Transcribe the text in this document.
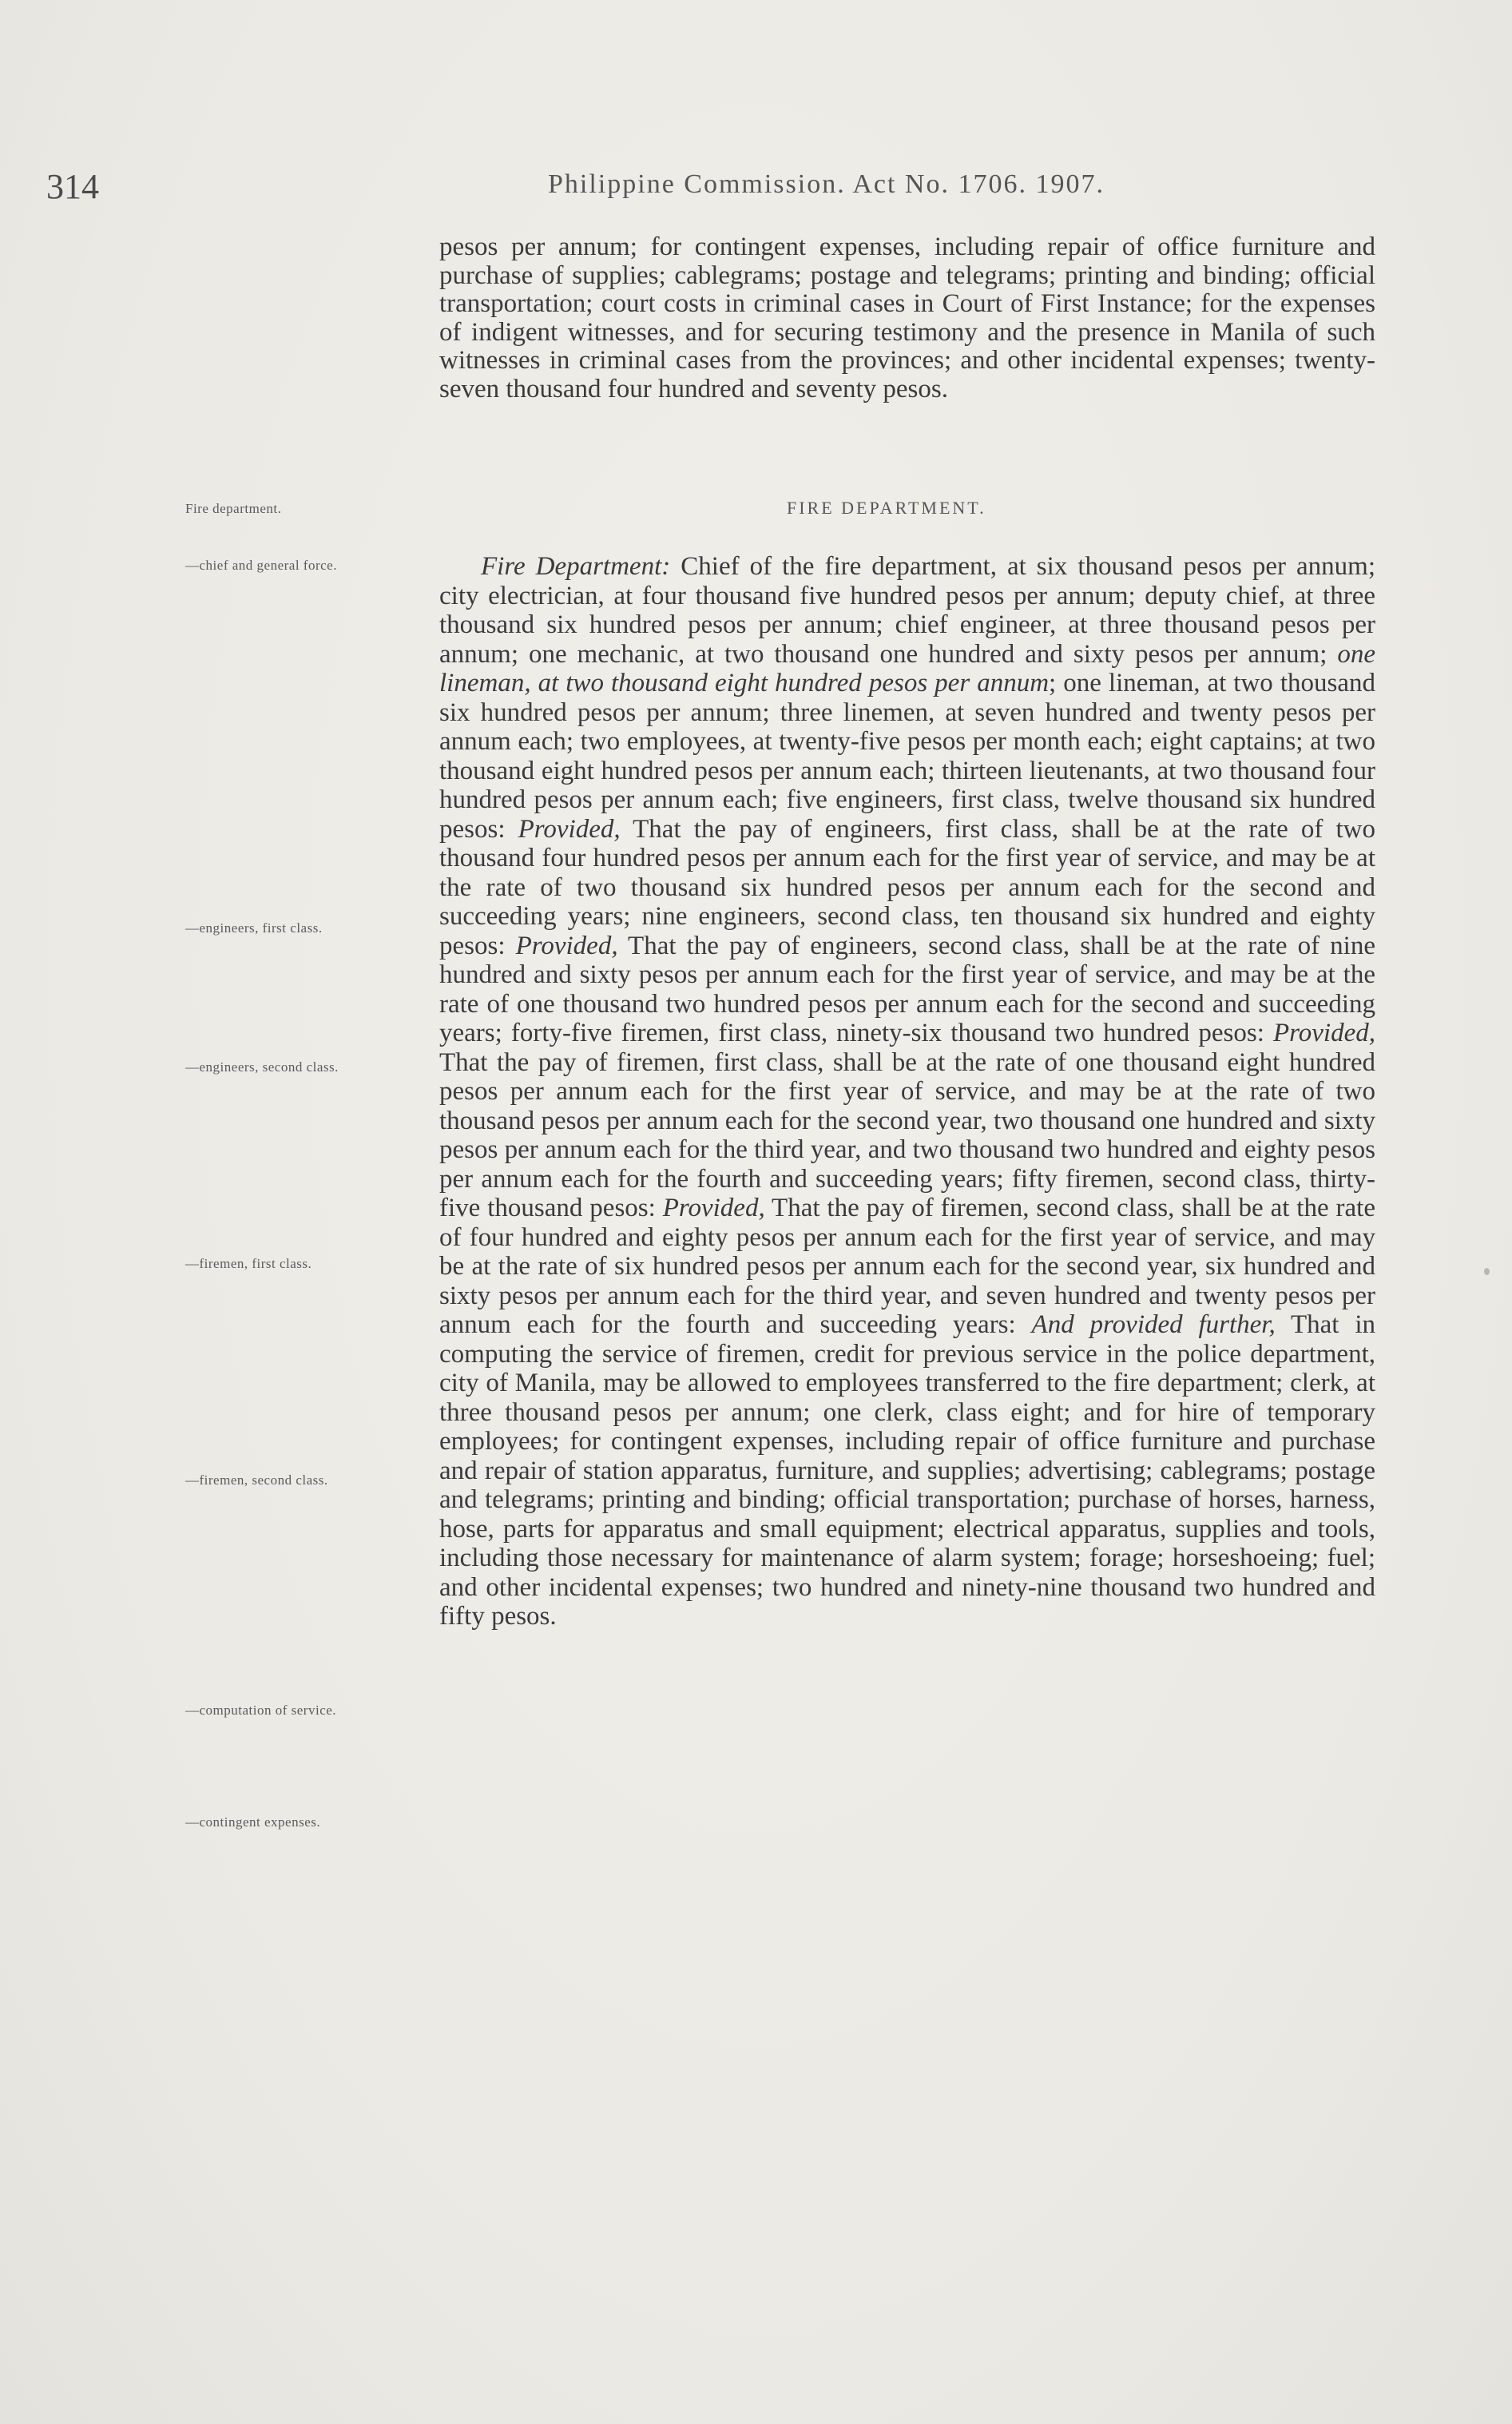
314	Philippine Commission. Act No. 1706. 1907.

pesos per annum; for contingent expenses, including repair of office furniture and purchase of supplies; cablegrams; postage and telegrams; printing and binding; official transportation; court costs in criminal cases in Court of First Instance; for the expenses of indigent witnesses, and for securing testimony and the presence in Manila of such witnesses in criminal cases from the provinces; and other incidental expenses; twenty-seven thousand four hundred and seventy pesos.

Fire department.	FIRE DEPARTMENT.
—chief and general force.
—engineers, first class.
—engineers, second class.
—firemen, first class.
—firemen, second class.
—computation of service.
—contingent expenses.
Fire Department: Chief of the fire department, at six thousand pesos per annum; city electrician, at four thousand five hundred pesos per annum; deputy chief, at three thousand six hundred pesos per annum; chief engineer, at three thousand pesos per annum; one mechanic, at two thousand one hundred and sixty pesos per annum; one lineman, at two thousand eight hundred pesos per annum; one lineman, at two thousand six hundred pesos per annum; three linemen, at seven hundred and twenty pesos per annum each; two employees, at twenty-five pesos per month each; eight captains; at two thousand eight hundred pesos per annum each; thirteen lieutenants, at two thousand four hundred pesos per annum each; five engineers, first class, twelve thousand six hundred pesos: Provided, That the pay of engineers, first class, shall be at the rate of two thousand four hundred pesos per annum each for the first year of service, and may be at the rate of two thousand six hundred pesos per annum each for the second and succeeding years; nine engineers, second class, ten thousand six hundred and eighty pesos: Provided, That the pay of engineers, second class, shall be at the rate of nine hundred and sixty pesos per annum each for the first year of service, and may be at the rate of one thousand two hundred pesos per annum each for the second and succeeding years; forty-five firemen, first class, ninety-six thousand two hundred pesos: Provided, That the pay of firemen, first class, shall be at the rate of one thousand eight hundred pesos per annum each for the first year of service, and may be at the rate of two thousand pesos per annum each for the second year, two thousand one hundred and sixty pesos per annum each for the third year, and two thousand two hundred and eighty pesos per annum each for the fourth and succeeding years; fifty firemen, second class, thirty-five thousand pesos: Provided, That the pay of firemen, second class, shall be at the rate of four hundred and eighty pesos per annum each for the first year of service, and may be at the rate of six hundred pesos per annum each for the second year, six hundred and sixty pesos per annum each for the third year, and seven hundred and twenty pesos per annum each for the fourth and succeeding years: And provided further, That in computing the service of firemen, credit for previous service in the police department, city of Manila, may be allowed to employees transferred to the fire department; clerk, at three thousand pesos per annum; one clerk, class eight; and for hire of temporary employees; for contingent expenses, including repair of office furniture and purchase and repair of station apparatus, furniture, and supplies; advertising; cablegrams; postage and telegrams; printing and binding; official transportation; purchase of horses, harness, hose, parts for apparatus and small equipment; electrical apparatus, supplies and tools, including those necessary for maintenance of alarm system; forage; horseshoeing; fuel; and other incidental expenses; two hundred and ninety-nine thousand two hundred and fifty pesos.
